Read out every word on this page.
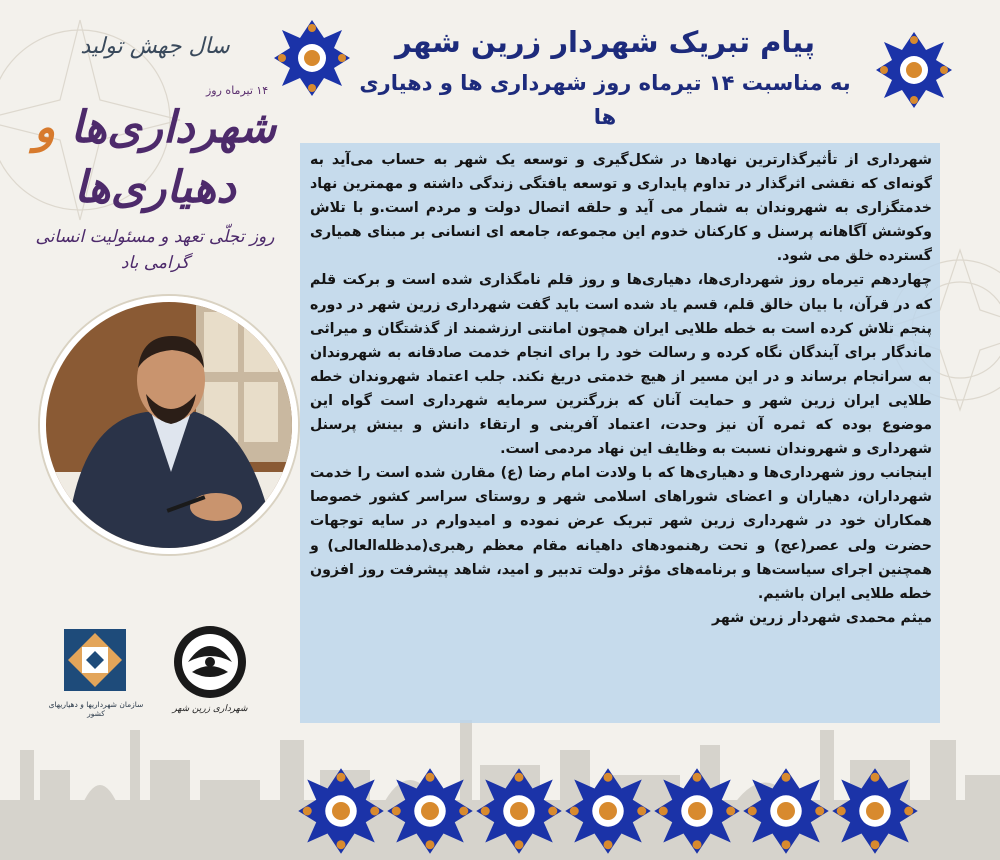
پیام تبریک شهردار زرین شهر
به مناسبت ۱۴ تیرماه روز شهرداری ها و دهیاری ها
سال جهش تولید
شهرداری‌ها و دهیاری‌ها
روز تجلّی تعهد و مسئولیت انسانی گرامی باد
۱۴ تیرماه روز
سازمان شهرداریها و دهیاریهای کشور	شهرداری زرین شهر

شهرداری از تأثیرگذارترین نهادها در شکل‌گیری و توسعه یک شهر به حساب می‌آید به گونه‌ای که نقشی اثرگذار در تداوم پایداری و توسعه یافتگی زندگی داشته و مهمترین نهاد خدمتگزاری به شهروندان به شمار می آید و حلقه اتصال دولت و مردم است.و با تلاش وکوشش آگاهانه پرسنل و کارکنان خدوم این مجموعه، جامعه ای انسانی بر مبنای همیاری گسترده خلق می شود.

چهاردهم تیرماه روز شهرداری‌ها، دهیاری‌ها و روز قلم نامگذاری شده است و برکت قلم که در قرآن، با بیان خالق قلم، قسم یاد شده است باید گفت شهرداری زرین شهر در دوره پنجم تلاش کرده است به خطه طلایی ایران همچون امانتی ارزشمند از گذشتگان و میراثی ماندگار برای آیندگان نگاه کرده و رسالت خود را برای انجام خدمت صادقانه به شهروندان به سرانجام برساند و در این مسیر از هیچ خدمتی دریغ نکند. جلب اعتماد شهروندان خطه طلایی ایران زرین شهر و حمایت آنان که بزرگترین سرمایه شهرداری است گواه این موضوع بوده که ثمره آن نیز وحدت، اعتماد آفرینی و ارتقاء دانش و بینش پرسنل شهرداری و شهروندان نسبت به وظایف این نهاد مردمی است.

اینجانب روز شهرداری‌ها و دهیاری‌ها که با ولادت امام رضا (ع) مقارن شده است را خدمت شهرداران، دهیاران و اعضای شوراهای اسلامی شهر و روستای سراسر کشور خصوصا همکاران خود در شهرداری زرین شهر تبریک عرض نموده و امیدوارم در سایه توجهات حضرت ولی عصر(عج) و تحت رهنمودهای داهیانه مقام معظم رهبری(مدظله‌العالی) و همچنین اجرای سیاست‌ها و برنامه‌های مؤثر دولت تدبیر و امید، شاهد پیشرفت روز افزون خطه طلایی ایران باشیم.

میثم محمدی شهردار زرین شهر
